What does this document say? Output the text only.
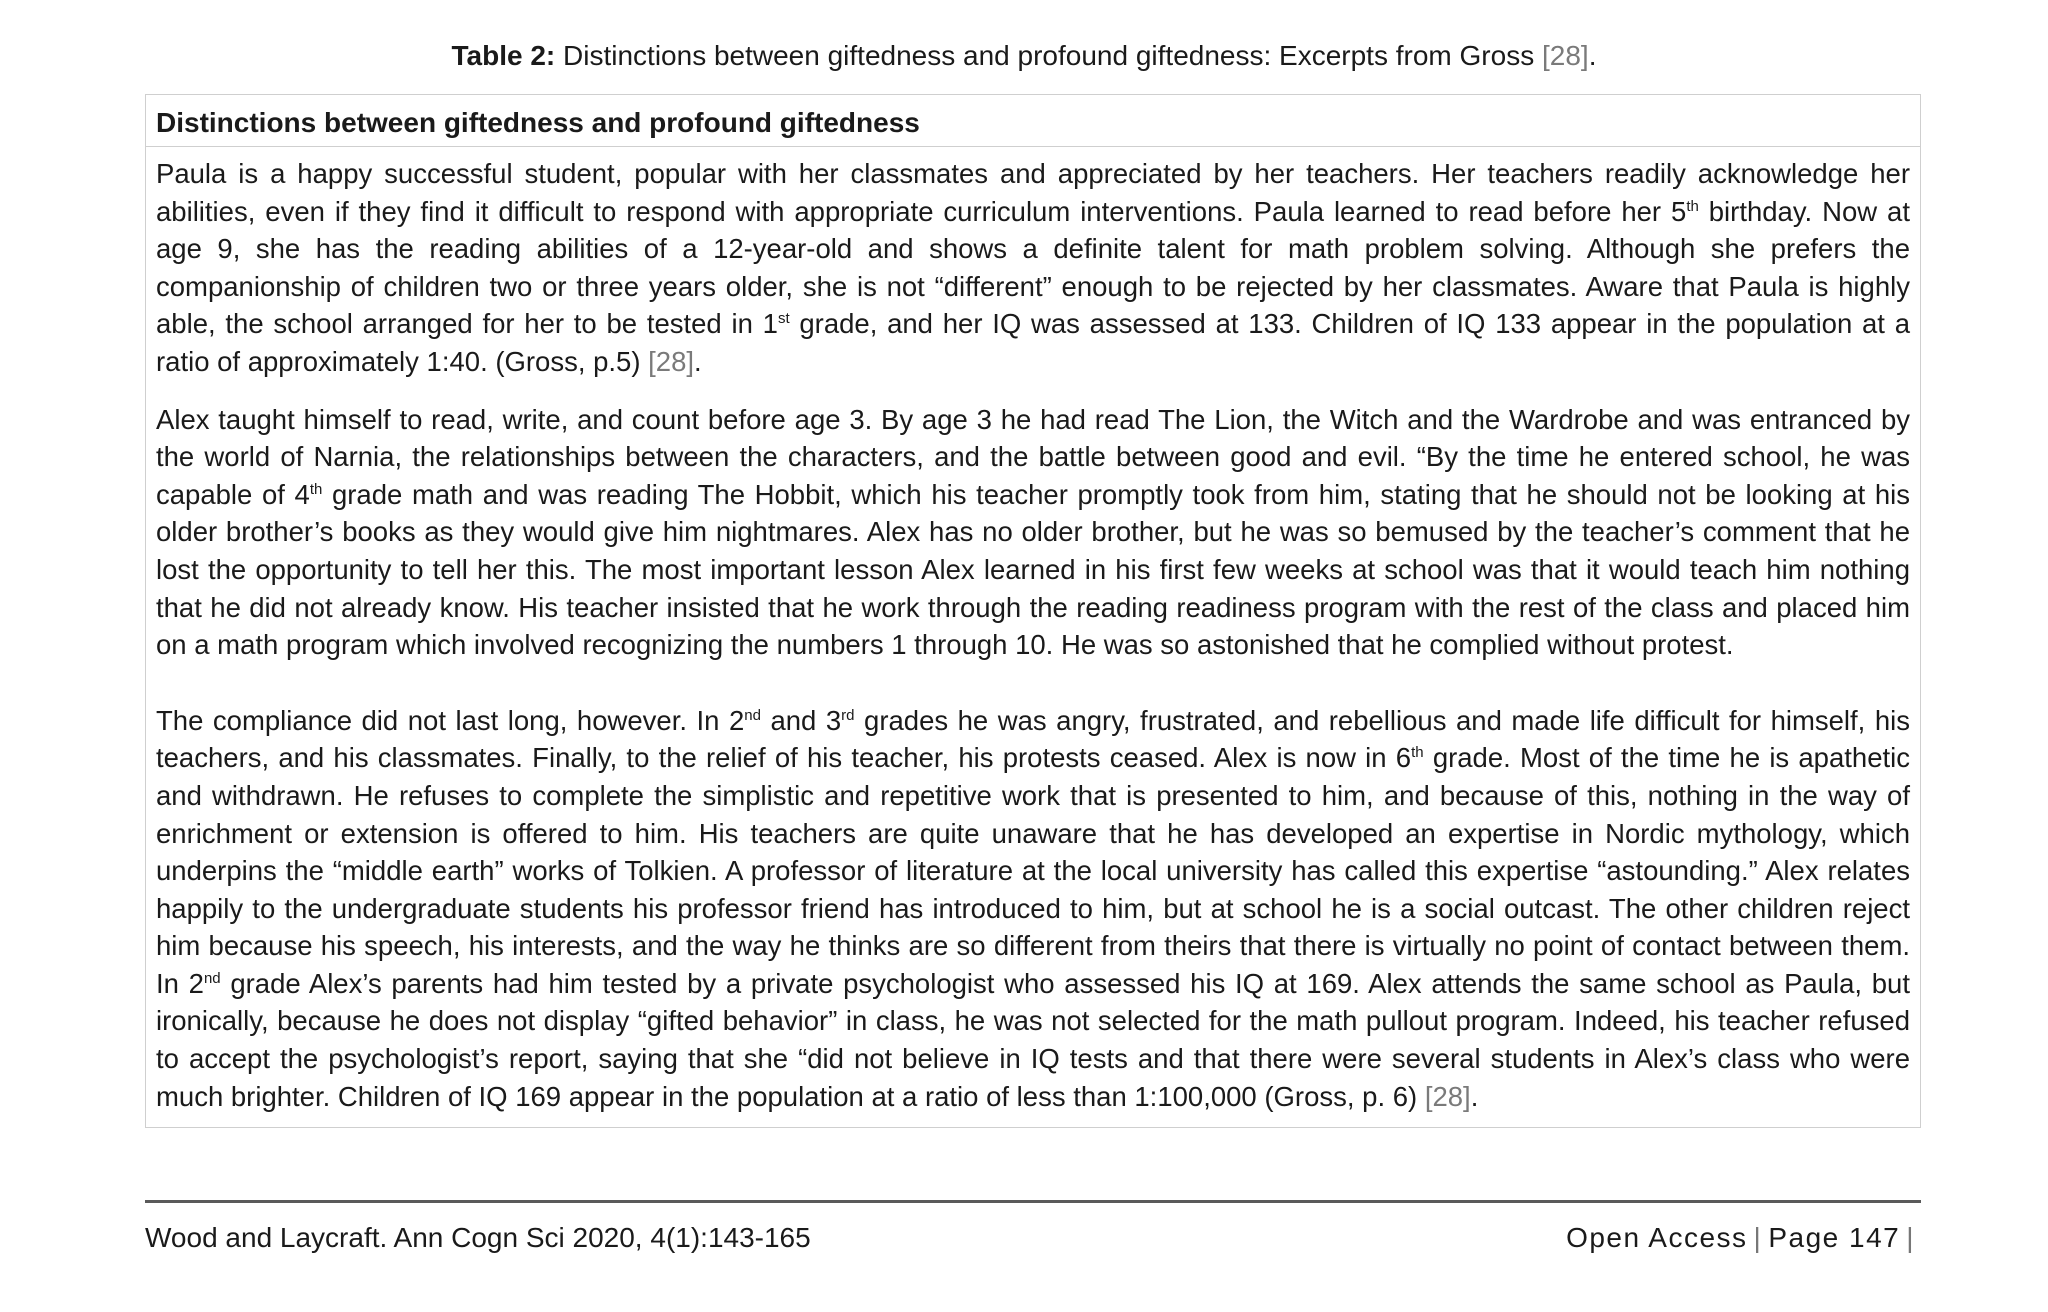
Table 2: Distinctions between giftedness and profound giftedness: Excerpts from Gross [28].
Distinctions between giftedness and profound giftedness

Paula is a happy successful student, popular with her classmates and appreciated by her teachers. Her teachers readily acknowledge her abilities, even if they find it difficult to respond with appropriate curriculum interventions. Paula learned to read before her 5th birthday. Now at age 9, she has the reading abilities of a 12-year-old and shows a definite talent for math problem solving. Although she prefers the companionship of children two or three years older, she is not “different” enough to be rejected by her classmates. Aware that Paula is highly able, the school arranged for her to be tested in 1st grade, and her IQ was assessed at 133. Children of IQ 133 appear in the population at a ratio of approximately 1:40. (Gross, p.5) [28].

Alex taught himself to read, write, and count before age 3. By age 3 he had read The Lion, the Witch and the Wardrobe and was entranced by the world of Narnia, the relationships between the characters, and the battle between good and evil. “By the time he entered school, he was capable of 4th grade math and was reading The Hobbit, which his teacher promptly took from him, stating that he should not be looking at his older brother’s books as they would give him nightmares. Alex has no older brother, but he was so bemused by the teacher’s comment that he lost the opportunity to tell her this. The most important lesson Alex learned in his first few weeks at school was that it would teach him nothing that he did not already know. His teacher insisted that he work through the reading readiness program with the rest of the class and placed him on a math program which involved recognizing the numbers 1 through 10. He was so astonished that he complied without protest.

The compliance did not last long, however. In 2nd and 3rd grades he was angry, frustrated, and rebellious and made life difficult for himself, his teachers, and his classmates. Finally, to the relief of his teacher, his protests ceased. Alex is now in 6th grade. Most of the time he is apathetic and withdrawn. He refuses to complete the simplistic and repetitive work that is presented to him, and because of this, nothing in the way of enrichment or extension is offered to him. His teachers are quite unaware that he has developed an expertise in Nordic mythology, which underpins the “middle earth” works of Tolkien. A professor of literature at the local university has called this expertise “astounding.” Alex relates happily to the undergraduate students his professor friend has introduced to him, but at school he is a social outcast. The other children reject him because his speech, his interests, and the way he thinks are so different from theirs that there is virtually no point of contact between them. In 2nd grade Alex’s parents had him tested by a private psychologist who assessed his IQ at 169. Alex attends the same school as Paula, but ironically, because he does not display “gifted behavior” in class, he was not selected for the math pullout program. Indeed, his teacher refused to accept the psychologist’s report, saying that she “did not believe in IQ tests and that there were several students in Alex’s class who were much brighter. Children of IQ 169 appear in the population at a ratio of less than 1:100,000 (Gross, p. 6) [28].

Wood and Laycraft. Ann Cogn Sci 2020, 4(1):143-165	Open Access | Page 147 |
